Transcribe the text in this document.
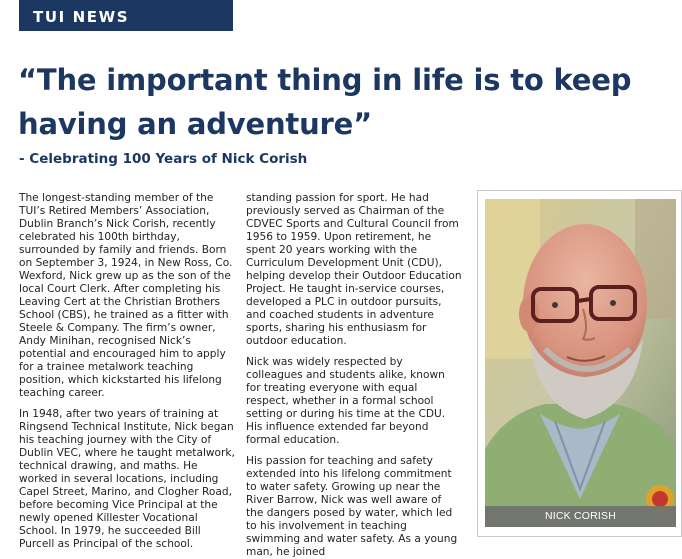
TUI NEWS
“The important thing in life is to keep having an adventure”
- Celebrating 100 Years of Nick Corish

The longest-standing member of the TUI’s Retired Members’ Association, Dublin Branch’s Nick Corish, recently celebrated his 100th birthday, surrounded by family and friends. Born on September 3, 1924, in New Ross, Co. Wexford, Nick grew up as the son of the local Court Clerk. After completing his Leaving Cert at the Christian Brothers School (CBS), he trained as a fitter with Steele & Company. The firm’s owner, Andy Minihan, recognised Nick’s potential and encouraged him to apply for a trainee metalwork teaching position, which kickstarted his lifelong teaching career.

In 1948, after two years of training at Ringsend Technical Institute, Nick began his teaching journey with the City of Dublin VEC, where he taught metalwork, technical drawing, and maths. He worked in several locations, including Capel Street, Marino, and Clogher Road, before becoming Vice Principal at the newly opened Killester Vocational School. In 1979, he succeeded Bill Purcell as Principal of the school.

standing passion for sport. He had previously served as Chairman of the CDVEC Sports and Cultural Council from 1956 to 1959. Upon retirement, he spent 20 years working with the Curriculum Development Unit (CDU), helping develop their Outdoor Education Project. He taught in-service courses, developed a PLC in outdoor pursuits, and coached students in adventure sports, sharing his enthusiasm for outdoor education.

Nick was widely respected by colleagues and students alike, known for treating everyone with equal respect, whether in a formal school setting or during his time at the CDU. His influence extended far beyond formal education.

His passion for teaching and safety extended into his lifelong commitment to water safety. Growing up near the River Barrow, Nick was well aware of the dangers posed by water, which led to his involvement in teaching swimming and water safety. As a young man, he joined

NICK CORISH
